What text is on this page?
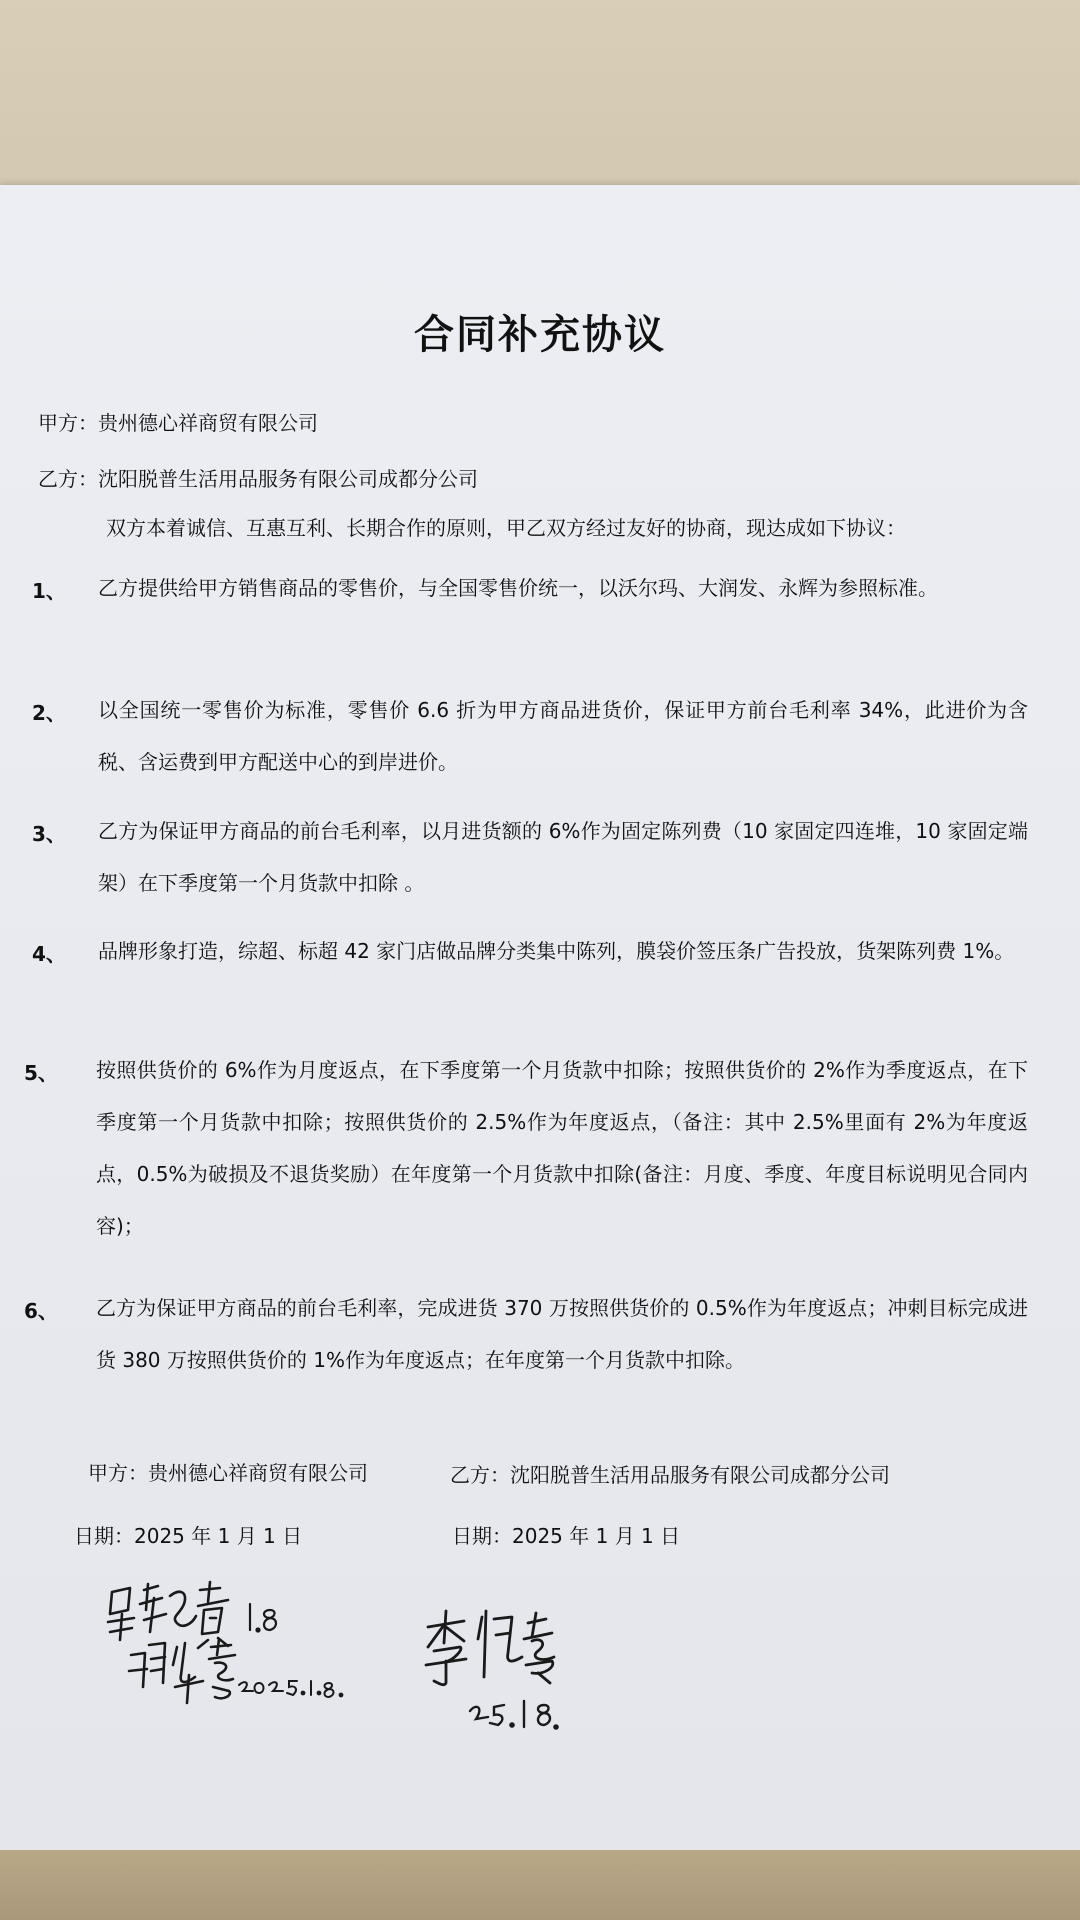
合同补充协议
甲方：贵州德心祥商贸有限公司
乙方：沈阳脱普生活用品服务有限公司成都分公司
双方本着诚信、互惠互利、长期合作的原则，甲乙双方经过友好的协商，现达成如下协议：
1、 乙方提供给甲方销售商品的零售价，与全国零售价统一，以沃尔玛、大润发、永辉为参照标准。
2、 以全国统一零售价为标准，零售价 6.6 折为甲方商品进货价，保证甲方前台毛利率 34%，此进价为含税、含运费到甲方配送中心的到岸进价。
3、 乙方为保证甲方商品的前台毛利率，以月进货额的 6%作为固定陈列费（10 家固定四连堆，10 家固定端架）在下季度第一个月货款中扣除 。
4、 品牌形象打造，综超、标超 42 家门店做品牌分类集中陈列，膜袋价签压条广告投放，货架陈列费 1%。
5、 按照供货价的 6%作为月度返点，在下季度第一个月货款中扣除；按照供货价的 2%作为季度返点，在下季度第一个月货款中扣除；按照供货价的 2.5%作为年度返点，（备注：其中 2.5%里面有 2%为年度返点，0.5%为破损及不退货奖励）在年度第一个月货款中扣除(备注：月度、季度、年度目标说明见合同内容)；
6、 乙方为保证甲方商品的前台毛利率，完成进货 370 万按照供货价的 0.5%作为年度返点；冲刺目标完成进货 380 万按照供货价的 1%作为年度返点；在年度第一个月货款中扣除。
甲方：贵州德心祥商贸有限公司	乙方：沈阳脱普生活用品服务有限公司成都分公司
日期：2025 年 1 月 1 日	日期：2025 年 1 月 1 日
